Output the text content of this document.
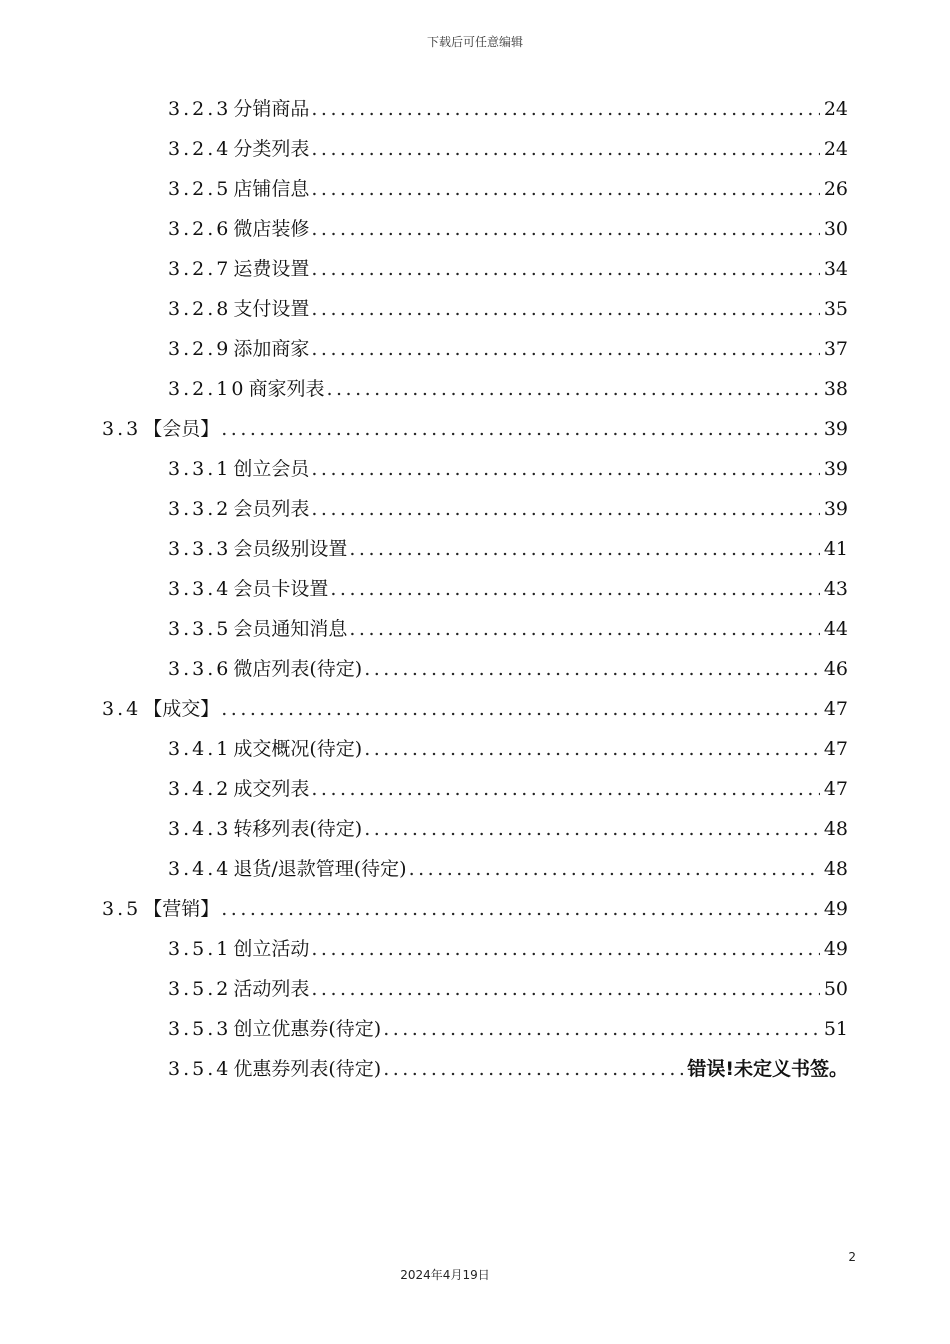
下载后可任意编辑
3.2.3 分销商品 .....	24
3.2.4 分类列表 .....	24
3.2.5 店铺信息 .....	26
3.2.6 微店装修 .....	30
3.2.7 运费设置 .....	34
3.2.8 支付设置 .....	35
3.2.9 添加商家 .....	37
3.2.10 商家列表 .....	38
3.3 【会员】 .....	39
3.3.1 创立会员 .....	39
3.3.2 会员列表 .....	39
3.3.3 会员级别设置 .....	41
3.3.4 会员卡设置 .....	43
3.3.5 会员通知消息 .....	44
3.3.6 微店列表(待定) .....	46
3.4 【成交】 .....	47
3.4.1 成交概况(待定) .....	47
3.4.2 成交列表 .....	47
3.4.3 转移列表(待定) .....	48
3.4.4 退货/退款管理(待定) .....	48
3.5 【营销】 .....	49
3.5.1 创立活动 .....	49
3.5.2 活动列表 .....	50
3.5.3 创立优惠券(待定) .....	51
3.5.4 优惠券列表(待定) .....	错误!未定义书签。
2
2024年4月19日
